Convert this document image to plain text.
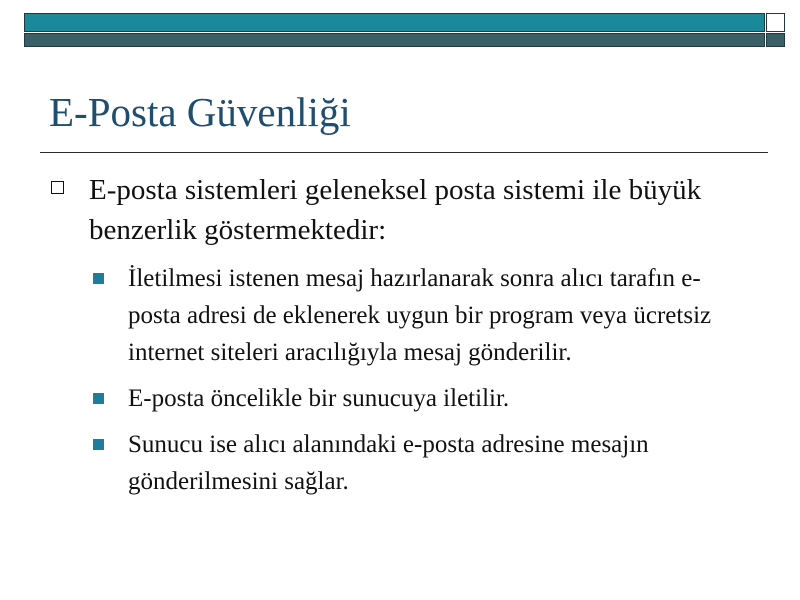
E-Posta Güvenliği
E-posta sistemleri geleneksel posta sistemi ile büyük benzerlik göstermektedir:
İletilmesi istenen mesaj hazırlanarak sonra alıcı tarafın e-posta adresi de eklenerek uygun bir program veya ücretsiz internet siteleri aracılığıyla mesaj gönderilir.
E-posta öncelikle bir sunucuya iletilir.
Sunucu ise alıcı alanındaki e-posta adresine mesajın gönderilmesini sağlar.
